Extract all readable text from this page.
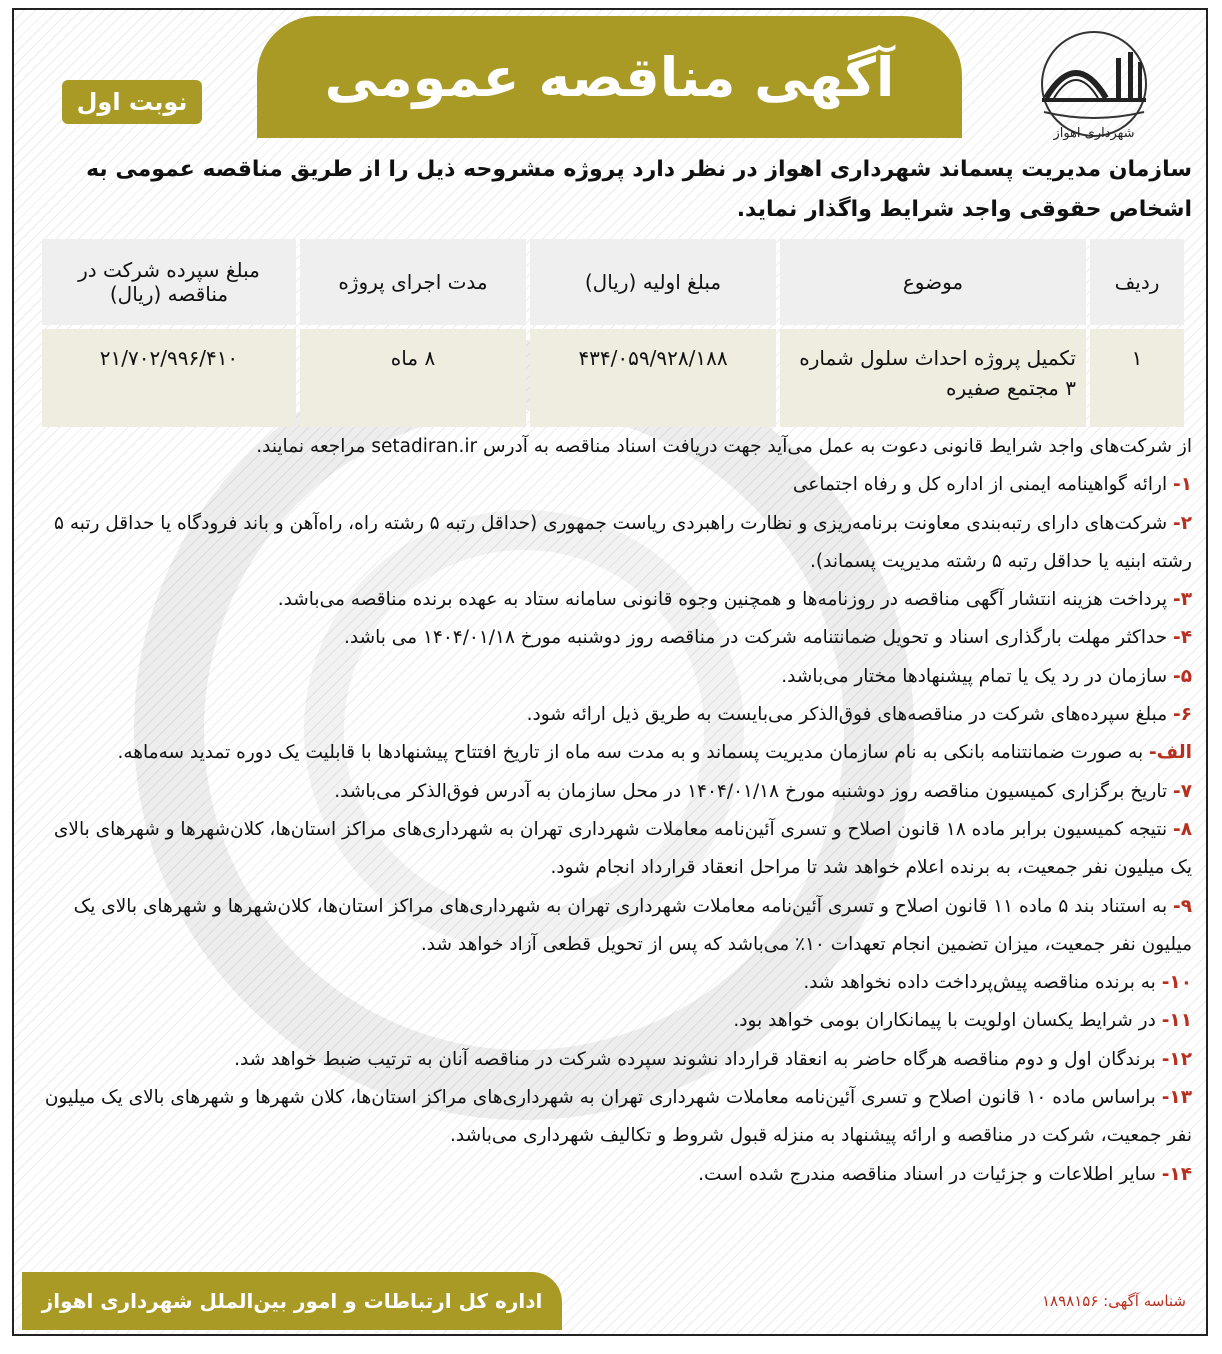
آگهی مناقصه عمومی
نوبت اول
شهرداری اهواز
سازمان مدیریت پسماند شهرداری اهواز در نظر دارد پروژه مشروحه ذیل را از طریق مناقصه عمومی به اشخاص حقوقی واجد شرایط واگذار نماید.
ردیف	موضوع	مبلغ اولیه (ریال)	مدت اجرای پروژه	مبلغ سپرده شرکت در مناقصه (ریال)
۱	تکمیل پروژه احداث سلول شماره ۳ مجتمع صفیره	۴۳۴/۰۵۹/۹۲۸/۱۸۸	۸ ماه	۲۱/۷۰۲/۹۹۶/۴۱۰

از شرکت‌های واجد شرایط قانونی دعوت به عمل می‌آید جهت دریافت اسناد مناقصه به آدرس setadiran.ir مراجعه نمایند.

۱- ارائه گواهینامه ایمنی از اداره کل و رفاه اجتماعی

۲- شرکت‌های دارای رتبه‌بندی معاونت برنامه‌ریزی و نظارت راهبردی ریاست جمهوری (حداقل رتبه ۵ رشته راه، راه‌آهن و باند فرودگاه یا حداقل رتبه ۵ رشته ابنیه یا حداقل رتبه ۵ رشته مدیریت پسماند).

۳- پرداخت هزینه انتشار آگهی مناقصه در روزنامه‌ها و همچنین وجوه قانونی سامانه ستاد به عهده برنده مناقصه می‌باشد.

۴- حداکثر مهلت بارگذاری اسناد و تحویل ضمانتنامه شرکت در مناقصه روز دوشنبه مورخ ۱۴۰۴/۰۱/۱۸ می باشد.

۵- سازمان در رد یک یا تمام پیشنهادها مختار می‌باشد.

۶- مبلغ سپرده‌های شرکت در مناقصه‌های فوق‌الذکر می‌بایست به طریق ذیل ارائه شود.

الف- به صورت ضمانتنامه بانکی به نام سازمان مدیریت پسماند و به مدت سه ماه از تاریخ افتتاح پیشنهادها با قابلیت یک دوره تمدید سه‌ماهه.

۷- تاریخ برگزاری کمیسیون مناقصه روز دوشنبه مورخ ۱۴۰۴/۰۱/۱۸ در محل سازمان به آدرس فوق‌الذکر می‌باشد.

۸- نتیجه کمیسیون برابر ماده ۱۸ قانون اصلاح و تسری آئین‌نامه معاملات شهرداری تهران به شهرداری‌های مراکز استان‌ها، کلان‌شهرها و شهرهای بالای یک میلیون نفر جمعیت، به برنده اعلام خواهد شد تا مراحل انعقاد قرارداد انجام شود.

۹- به استناد بند ۵ ماده ۱۱ قانون اصلاح و تسری آئین‌نامه معاملات شهرداری تهران به شهرداری‌های مراکز استان‌ها، کلان‌شهرها و شهرهای بالای یک میلیون نفر جمعیت، میزان تضمین انجام تعهدات ۱۰٪ می‌باشد که پس از تحویل قطعی آزاد خواهد شد.

۱۰- به برنده مناقصه پیش‌پرداخت داده نخواهد شد.

۱۱- در شرایط یکسان اولویت با پیمانکاران بومی خواهد بود.

۱۲- برندگان اول و دوم مناقصه هرگاه حاضر به انعقاد قرارداد نشوند سپرده شرکت در مناقصه آنان به ترتیب ضبط خواهد شد.

۱۳- براساس ماده ۱۰ قانون اصلاح و تسری آئین‌نامه معاملات شهرداری تهران به شهرداری‌های مراکز استان‌ها، کلان شهرها و شهرهای بالای یک میلیون نفر جمعیت، شرکت در مناقصه و ارائه پیشنهاد به منزله قبول شروط و تکالیف شهرداری می‌باشد.

۱۴- سایر اطلاعات و جزئیات در اسناد مناقصه مندرج شده است.

اداره کل ارتباطات و امور بین‌الملل شهرداری اهواز	شناسه آگهی: ۱۸۹۸۱۵۶
